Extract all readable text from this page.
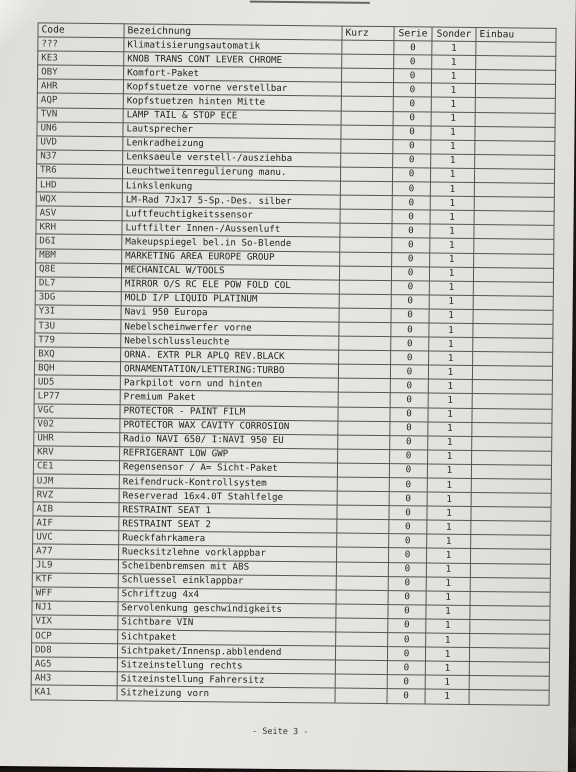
Code	Bezeichnung	Kurz	Serie	Sonder	Einbau
???	Klimatisierungsautomatik		0	1	
KE3	KNOB TRANS CONT LEVER CHROME		0	1	
OBY	Komfort-Paket		0	1	
AHR	Kopfstuetze vorne verstellbar		0	1	
AQP	Kopfstuetzen hinten Mitte		0	1	
TVN	LAMP TAIL & STOP ECE		0	1	
UN6	Lautsprecher		0	1	
UVD	Lenkradheizung		0	1	
N37	Lenksaeule verstell-/ausziehba		0	1	
TR6	Leuchtweitenregulierung manu.		0	1	
LHD	Linkslenkung		0	1	
WQX	LM-Rad 7Jx17 5-Sp.-Des. silber		0	1	
ASV	Luftfeuchtigkeitssensor		0	1	
KRH	Luftfilter Innen-/Aussenluft		0	1	
D6I	Makeupspiegel bel.in So-Blende		0	1	
MBM	MARKETING AREA EUROPE GROUP		0	1	
Q8E	MECHANICAL W/TOOLS		0	1	
DL7	MIRROR O/S RC ELE POW FOLD COL		0	1	
3DG	MOLD I/P LIQUID PLATINUM		0	1	
Y3I	Navi 950 Europa		0	1	
T3U	Nebelscheinwerfer vorne		0	1	
T79	Nebelschlussleuchte		0	1	
BXQ	ORNA. EXTR PLR APLQ REV.BLACK		0	1	
BQH	ORNAMENTATION/LETTERING:TURBO		0	1	
UD5	Parkpilot vorn und hinten		0	1	
LP77	Premium Paket		0	1	
VGC	PROTECTOR - PAINT FILM		0	1	
V02	PROTECTOR WAX CAVITY CORROSION		0	1	
UHR	Radio NAVI 650/ I:NAVI 950 EU		0	1	
KRV	REFRIGERANT LOW GWP		0	1	
CE1	Regensensor / A= Sicht-Paket		0	1	
UJM	Reifendruck-Kontrollsystem		0	1	
RVZ	Reserverad 16x4.0T Stahlfelge		0	1	
AIB	RESTRAINT SEAT 1		0	1	
AIF	RESTRAINT SEAT 2		0	1	
UVC	Rueckfahrkamera		0	1	
A77	Ruecksitzlehne vorklappbar		0	1	
JL9	Scheibenbremsen mit ABS		0	1	
KTF	Schluessel einklappbar		0	1	
WFF	Schriftzug 4x4		0	1	
NJ1	Servolenkung geschwindigkeits		0	1	
VIX	Sichtbare VIN		0	1	
OCP	Sichtpaket		0	1	
DD8	Sichtpaket/Innensp.abblendend		0	1	
AG5	Sitzeinstellung rechts		0	1	
AH3	Sitzeinstellung Fahrersitz		0	1	
KA1	Sitzheizung vorn		0	1	
- Seite 3 -
